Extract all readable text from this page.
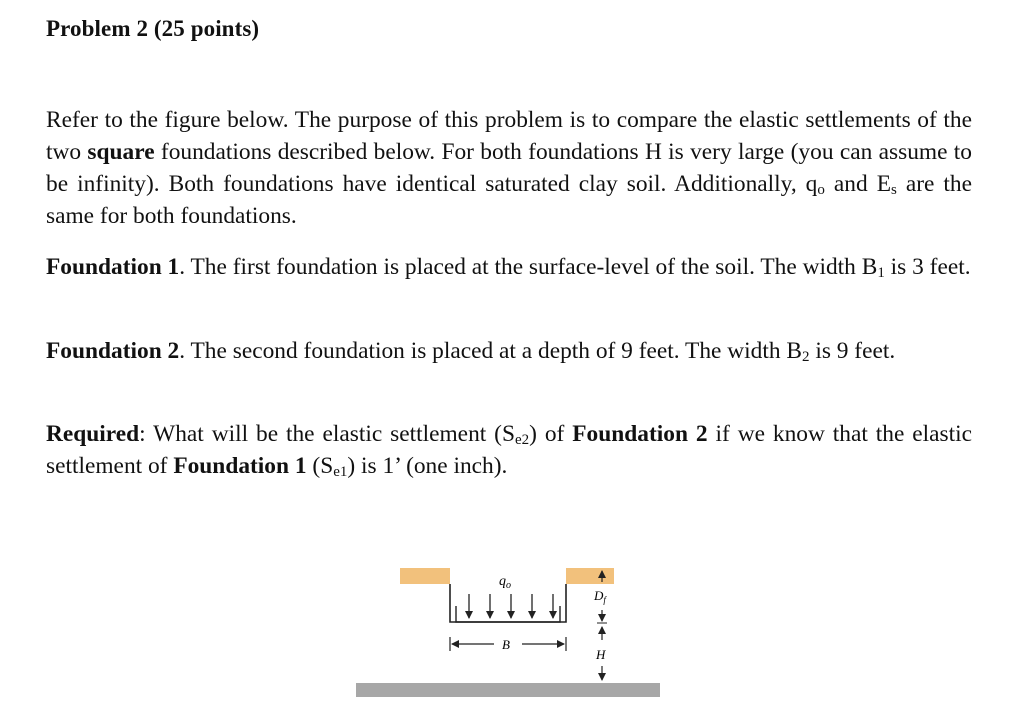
Problem 2 (25 points)
Refer to the figure below. The purpose of this problem is to compare the elastic settlements of the two square foundations described below. For both foundations H is very large (you can assume to be infinity). Both foundations have identical saturated clay soil. Additionally, $q_o$ and $E_s$ are the same for both foundations.
Foundation 1. The first foundation is placed at the surface-level of the soil. The width $B_1$ is 3 feet.
Foundation 2. The second foundation is placed at a depth of 9 feet. The width $B_2$ is 9 feet.
Required: What will be the elastic settlement $(S_{e2})$ of Foundation 2 if we know that the elastic settlement of Foundation 1 $(S_{e1})$ is 1’ (one inch).
$q_o$
B
$D_f$
H
